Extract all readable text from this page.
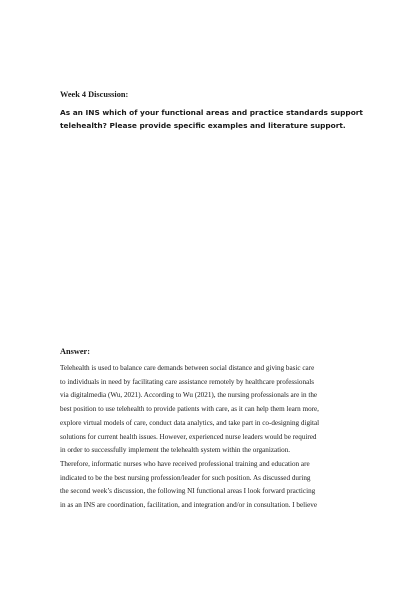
Week 4 Discussion:
As an INS which of your functional areas and practice standards support
telehealth? Please provide specific examples and literature support.
Answer:
Telehealth is used to balance care demands between social distance and giving basic care
to individuals in need by facilitating care assistance remotely by healthcare professionals
via digitalmedia (Wu, 2021). According to Wu (2021), the nursing professionals are in the
best position to use telehealth to provide patients with care, as it can help them learn more,
explore virtual models of care, conduct data analytics, and take part in co-designing digital
solutions for current health issues. However, experienced nurse leaders would be required
in order to successfully implement the telehealth system within the organization.
Therefore, informatic nurses who have received professional training and education are
indicated to be the best nursing profession/leader for such position. As discussed during
the second week’s discussion, the following NI functional areas I look forward practicing
in as an INS are coordination, facilitation, and integration and/or in consultation. I believe
